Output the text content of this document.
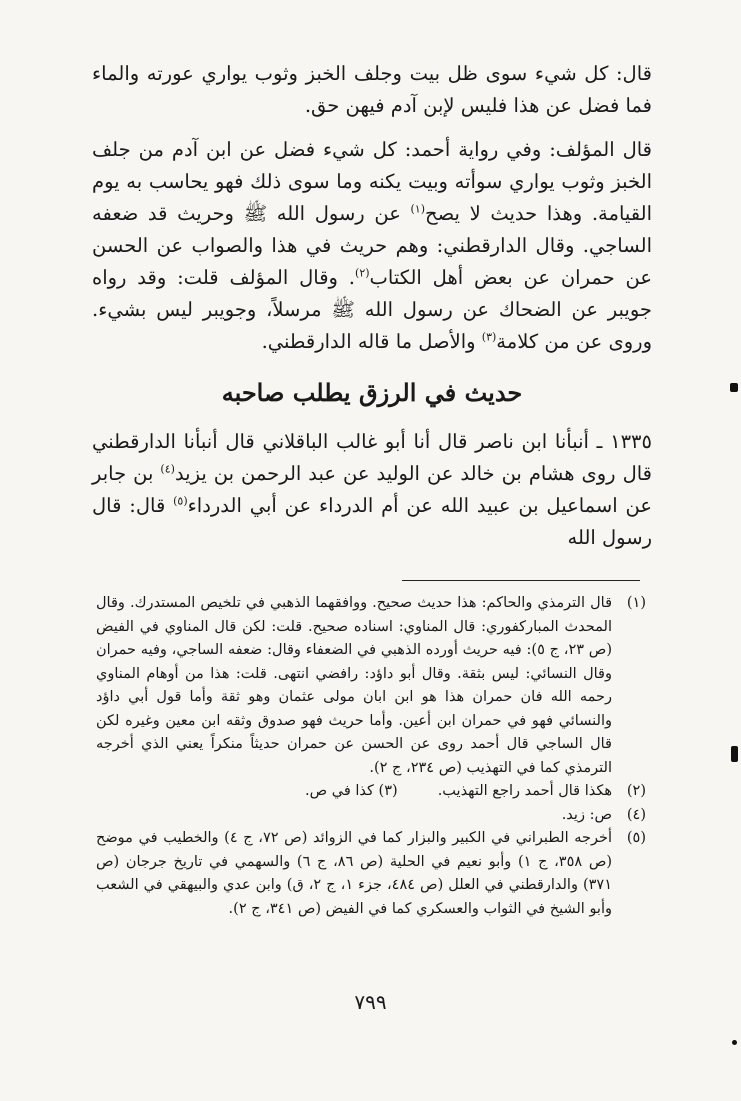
قال: كل شيء سوى ظل بيت وجلف الخبز وثوب يواري عورته والماء فما فضل عن هذا فليس لإبن آدم فيهن حق.

قال المؤلف: وفي رواية أحمد: كل شيء فضل عن ابن آدم من جلف الخبز وثوب يواري سوأته وبيت يكنه وما سوى ذلك فهو يحاسب به يوم القيامة. وهذا حديث لا يصح$^{(١)}$ عن رسول الله ﷺ وحريث قد ضعفه الساجي. وقال الدارقطني: وهم حريث في هذا والصواب عن الحسن عن حمران عن بعض أهل الكتاب$^{(٢)}$. وقال المؤلف قلت: وقد رواه جويبر عن الضحاك عن رسول الله ﷺ مرسلاً، وجويبر ليس بشيء. وروى عن من كلامة$^{(٣)}$ والأصل ما قاله الدارقطني.

حديث في الرزق يطلب صاحبه

١٣٣٥ ـ أنبأنا ابن ناصر قال أنا أبو غالب الباقلاني قال أنبأنا الدارقطني قال روى هشام بن خالد عن الوليد عن عبد الرحمن بن يزيد$^{(٤)}$ بن جابر عن اسماعيل بن عبيد الله عن أم الدرداء عن أبي الدرداء$^{(٥)}$ قال: قال رسول الله

(١)
قال الترمذي والحاكم: هذا حديث صحيح. ووافقهما الذهبي في تلخيص المستدرك. وقال المحدث المباركفوري: قال المناوي: اسناده صحيح. قلت: لكن قال المناوي في الفيض (ص ٢٣، ج ٥): فيه حريث أورده الذهبي في الضعفاء وقال: ضعفه الساجي، وفيه حمران وقال النسائي: ليس بثقة. وقال أبو داؤد: رافضي انتهى. قلت: هذا من أوهام المناوي رحمه الله فان حمران هذا هو ابن ابان مولى عثمان وهو ثقة وأما قول أبي داؤد والنسائي فهو في حمران ابن أعين. وأما حريث فهو صدوق وثقه ابن معين وغيره لكن قال الساجي قال أحمد روى عن الحسن عن حمران حديثاً منكراً يعني الذي أخرجه الترمذي كما في التهذيب (ص ٢٣٤، ج ٢).
(٢)
هكذا قال أحمد راجع التهذيب.(٣) كذا في ص.
(٤)
ص: زيد.
(٥)
أخرجه الطبراني في الكبير والبزار كما في الزوائد (ص ٧٢، ج ٤) والخطيب في موضح (ص ٣٥٨، ج ١) وأبو نعيم في الحلية (ص ٨٦، ج ٦) والسهمي في تاريخ جرجان (ص ٣٧١) والدارقطني في العلل (ص ٤٨٤، جزء ١، ج ٢، ق) وابن عدي والبيهقي في الشعب وأبو الشيخ في الثواب والعسكري كما في الفيض (ص ٣٤١، ج ٢).
٧٩٩
